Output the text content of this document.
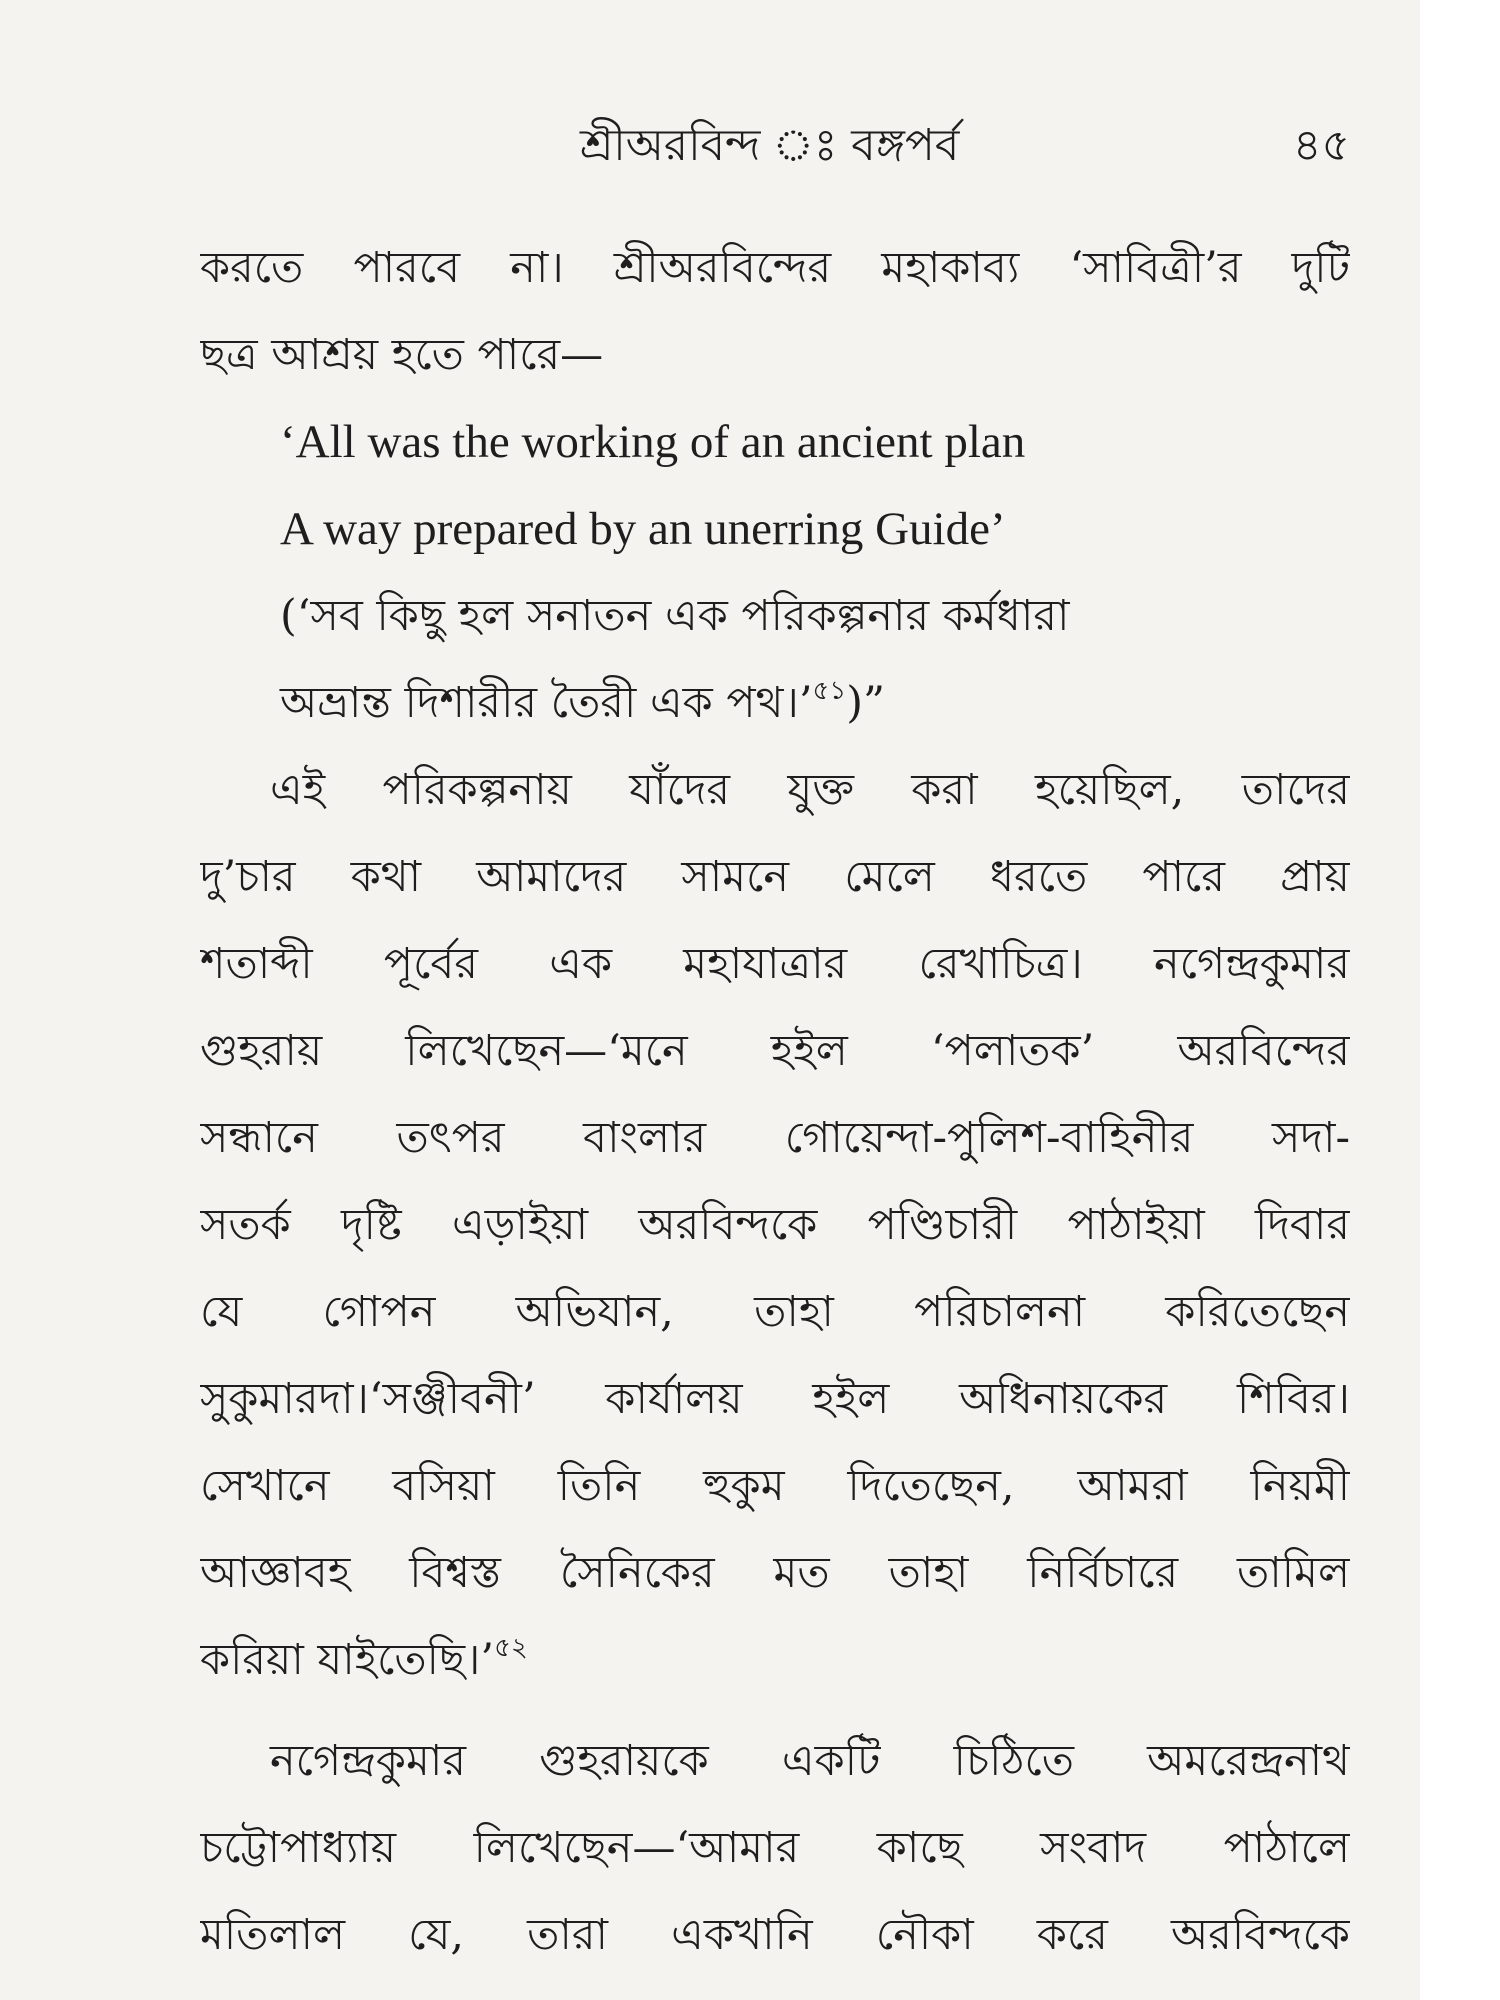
শ্রীঅরবিন্দ ঃ বঙ্গপর্ব	৪৫
করতে পারবে না। শ্রীঅরবিন্দের মহাকাব্য ‘সাবিত্রী’র দুটি
ছত্র আশ্রয় হতে পারে—
‘All was the working of an ancient plan
A way prepared by an unerring Guide’
(‘সব কিছু হল সনাতন এক পরিকল্পনার কর্মধারা
অভ্রান্ত দিশারীর তৈরী এক পথ।’$^{৫১}$)”
এই পরিকল্পনায় যাঁদের যুক্ত করা হয়েছিল, তাদের
দু’চার কথা আমাদের সামনে মেলে ধরতে পারে প্রায়
শতাব্দী পূর্বের এক মহাযাত্রার রেখাচিত্র। নগেন্দ্রকুমার
গুহরায় লিখেছেন—‘মনে হইল ‘পলাতক’ অরবিন্দের
সন্ধানে তৎপর বাংলার গোয়েন্দা-পুলিশ-বাহিনীর সদা-
সতর্ক দৃষ্টি এড়াইয়া অরবিন্দকে পণ্ডিচারী পাঠাইয়া দিবার
যে গোপন অভিযান, তাহা পরিচালনা করিতেছেন
সুকুমারদা।‘সঞ্জীবনী’ কার্যালয় হইল অধিনায়কের শিবির।
সেখানে বসিয়া তিনি হুকুম দিতেছেন, আমরা নিয়মী
আজ্ঞাবহ বিশ্বস্ত সৈনিকের মত তাহা নির্বিচারে তামিল
করিয়া যাইতেছি।’$^{৫২}$
নগেন্দ্রকুমার গুহরায়কে একটি চিঠিতে অমরেন্দ্রনাথ
চট্টোপাধ্যায় লিখেছেন—‘আমার কাছে সংবাদ পাঠালে
মতিলাল যে, তারা একখানি নৌকা করে অরবিন্দকে
